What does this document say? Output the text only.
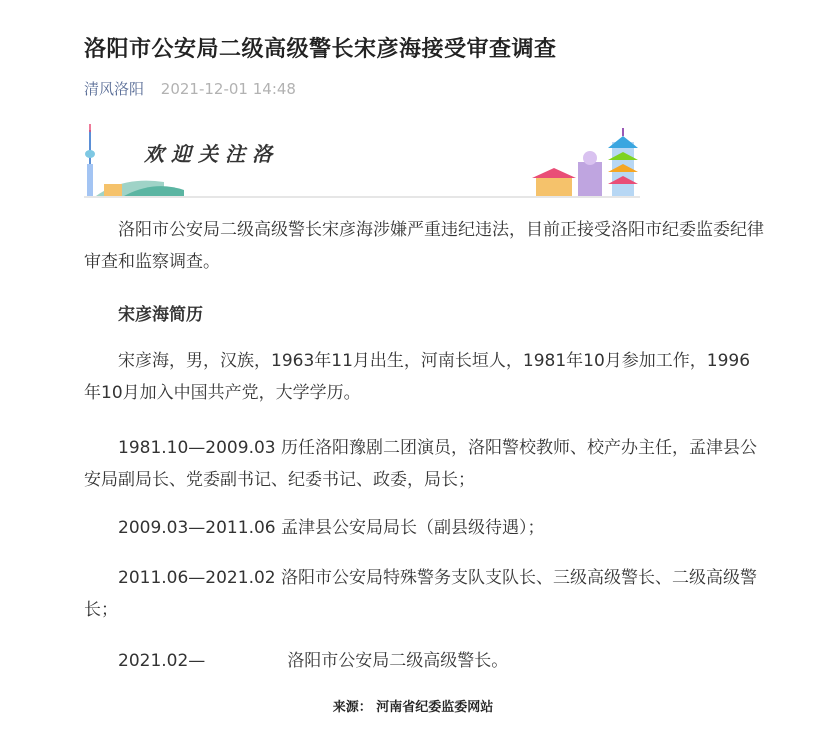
洛阳市公安局二级高级警长宋彦海接受审查调查
清风洛阳 2021-12-01 14:48
欢迎关注洛

洛阳市公安局二级高级警长宋彦海涉嫌严重违纪违法，目前正接受洛阳市纪委监委纪律审查和监察调查。

宋彦海简历

宋彦海，男，汉族，1963年11月出生，河南长垣人，1981年10月参加工作，1996年10月加入中国共产党，大学学历。

1981.10—2009.03 历任洛阳豫剧二团演员，洛阳警校教师、校产办主任，孟津县公安局副局长、党委副书记、纪委书记、政委，局长；

2009.03—2011.06 孟津县公安局局长（副县级待遇）；

2011.06—2021.02 洛阳市公安局特殊警务支队支队长、三级高级警长、二级高级警长；

2021.02—	洛阳市公安局二级高级警长。

来源： 河南省纪委监委网站
